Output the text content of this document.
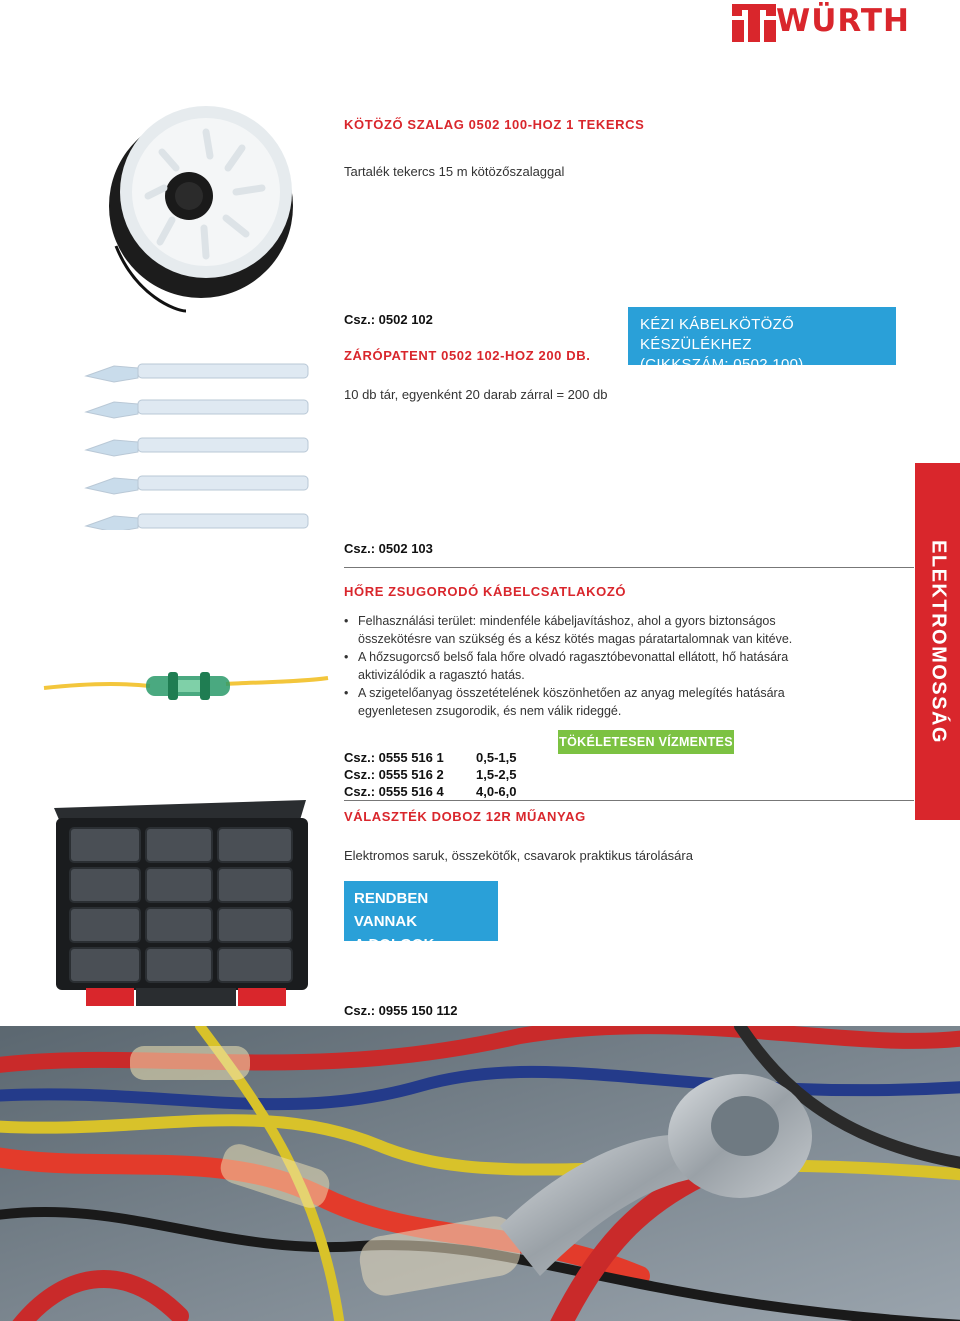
WÜRTH
ELEKTROMOSSÁG
KÖTÖZŐ SZALAG 0502 100-HOZ 1 TEKERCS
Tartalék tekercs 15 m kötözőszalaggal
Csz.: 0502 102	KÉZI KÁBELKÖTÖZŐ KÉSZÜLÉKHEZ
(CIKKSZÁM: 0502 100)
ZÁRÓPATENT 0502 102-HOZ 200 DB.
10 db tár, egyenként 20 darab zárral = 200 db
Csz.: 0502 103
HŐRE ZSUGORODÓ KÁBELCSATLAKOZÓ
• Felhasználási terület: mindenféle kábeljavításhoz, ahol a gyors biztonságos összekötésre van szükség és a kész kötés magas páratartalomnak van kitéve.
• A hőzsugorcső belső fala hőre olvadó ragasztóbevonattal ellátott, hő hatására aktivizálódik a ragasztó hatás.
• A szigetelőanyag összetételének köszönhetően az anyag melegítés hatására egyenletesen zsugorodik, és nem válik rideggé.
TÖKÉLETESEN VÍZMENTES
Csz.: 0555 516 1 0,5-1,5
Csz.: 0555 516 2 1,5-2,5
Csz.: 0555 516 4 4,0-6,0
VÁLASZTÉK DOBOZ 12R MŰANYAG
Elektromos saruk, összekötők, csavarok praktikus tárolására
RENDBEN VANNAK
A DOLGOK
Csz.: 0955 150 112
